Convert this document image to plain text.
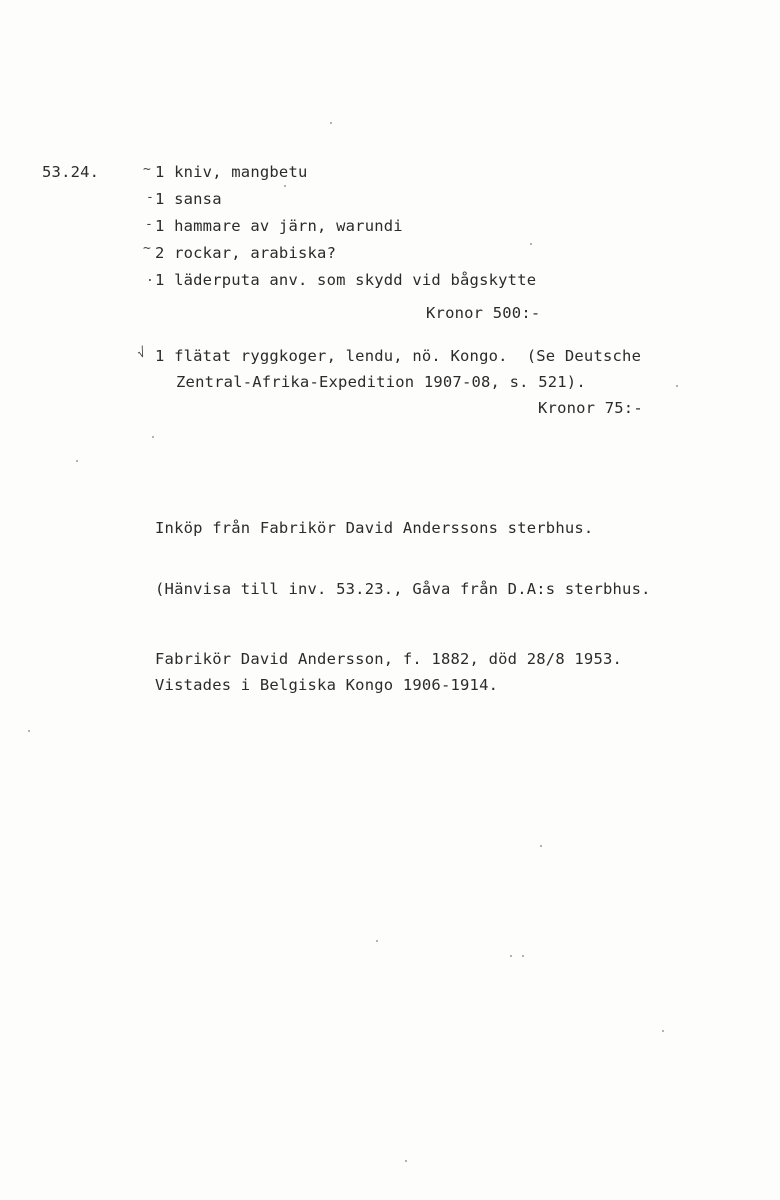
53.24.	~ 1 kniv, mangbetu
- 1 sansa
- 1 hammare av järn, warundi
~ 2 rockar, arabiska?
. 1 läderputa anv. som skydd vid bågskytte
Kronor 500:-
√ 1 flätat ryggkoger, lendu, nö. Kongo.  (Se Deutsche
Zentral-Afrika-Expedition 1907-08, s. 521).
Kronor 75:-
Inköp från Fabrikör David Anderssons sterbhus.
(Hänvisa till inv. 53.23., Gåva från D.A:s sterbhus.
Fabrikör David Andersson, f. 1882, död 28/8 1953.
Vistades i Belgiska Kongo 1906-1914.
